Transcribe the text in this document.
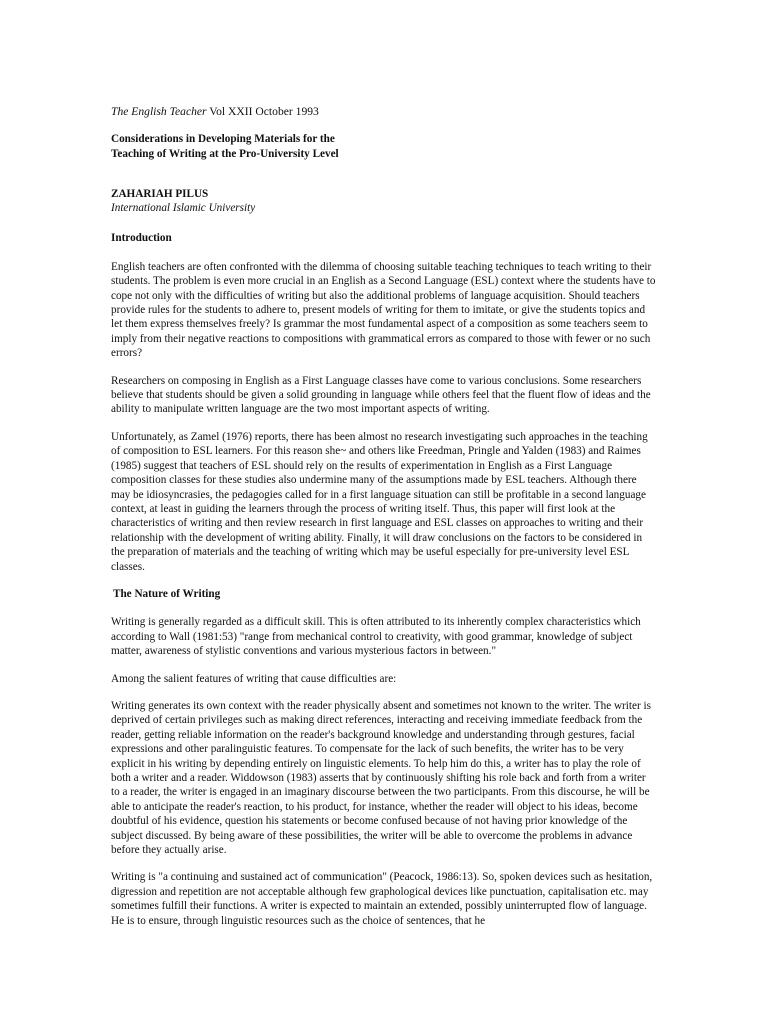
The English Teacher Vol XXII October 1993
Considerations in Developing Materials for the
Teaching of Writing at the Pro-University Level
ZAHARIAH PILUS
International Islamic University
Introduction

English teachers are often confronted with the dilemma of choosing suitable teaching techniques to teach writing to their students. The problem is even more crucial in an English as a Second Language (ESL) context where the students have to cope not only with the difficulties of writing but also the additional problems of language acquisition. Should teachers provide rules for the students to adhere to, present models of writing for them to imitate, or give the students topics and let them express themselves freely? Is grammar the most fundamental aspect of a composition as some teachers seem to imply from their negative reactions to compositions with grammatical errors as compared to those with fewer or no such errors?

Researchers on composing in English as a First Language classes have come to various conclusions. Some researchers believe that students should be given a solid grounding in language while others feel that the fluent flow of ideas and the ability to manipulate written language are the two most important aspects of writing.

Unfortunately, as Zamel (1976) reports, there has been almost no research investigating such approaches in the teaching of composition to ESL learners. For this reason she~ and others like Freedman, Pringle and Yalden (1983) and Raimes (1985) suggest that teachers of ESL should rely on the results of experimentation in English as a First Language composition classes for these studies also undermine many of the assumptions made by ESL teachers. Although there may be idiosyncrasies, the pedagogies called for in a first language situation can still be profitable in a second language context, at least in guiding the learners through the process of writing itself. Thus, this paper will first look at the characteristics of writing and then review research in first language and ESL classes on approaches to writing and their relationship with the development of writing ability. Finally, it will draw conclusions on the factors to be considered in the preparation of materials and the teaching of writing which may be useful especially for pre-university level ESL classes.

The Nature of Writing

Writing is generally regarded as a difficult skill. This is often attributed to its inherently complex characteristics which according to Wall (1981:53) "range from mechanical control to creativity, with good grammar, knowledge of subject matter, awareness of stylistic conventions and various mysterious factors in between."

Among the salient features of writing that cause difficulties are:

Writing generates its own context with the reader physically absent and sometimes not known to the writer. The writer is deprived of certain privileges such as making direct references, interacting and receiving immediate feedback from the reader, getting reliable information on the reader's background knowledge and understanding through gestures, facial expressions and other paralinguistic features. To compensate for the lack of such benefits, the writer has to be very explicit in his writing by depending entirely on linguistic elements. To help him do this, a writer has to play the role of both a writer and a reader. Widdowson (1983) asserts that by continuously shifting his role back and forth from a writer to a reader, the writer is engaged in an imaginary discourse between the two participants. From this discourse, he will be able to anticipate the reader's reaction, to his product, for instance, whether the reader will object to his ideas, become doubtful of his evidence, question his statements or become confused because of not having prior knowledge of the subject discussed. By being aware of these possibilities, the writer will be able to overcome the problems in advance before they actually arise.

Writing is "a continuing and sustained act of communication" (Peacock, 1986:13). So, spoken devices such as hesitation, digression and repetition are not acceptable although few graphological devices like punctuation, capitalisation etc. may sometimes fulfill their functions. A writer is expected to maintain an extended, possibly uninterrupted flow of language. He is to ensure, through linguistic resources such as the choice of sentences, that he
